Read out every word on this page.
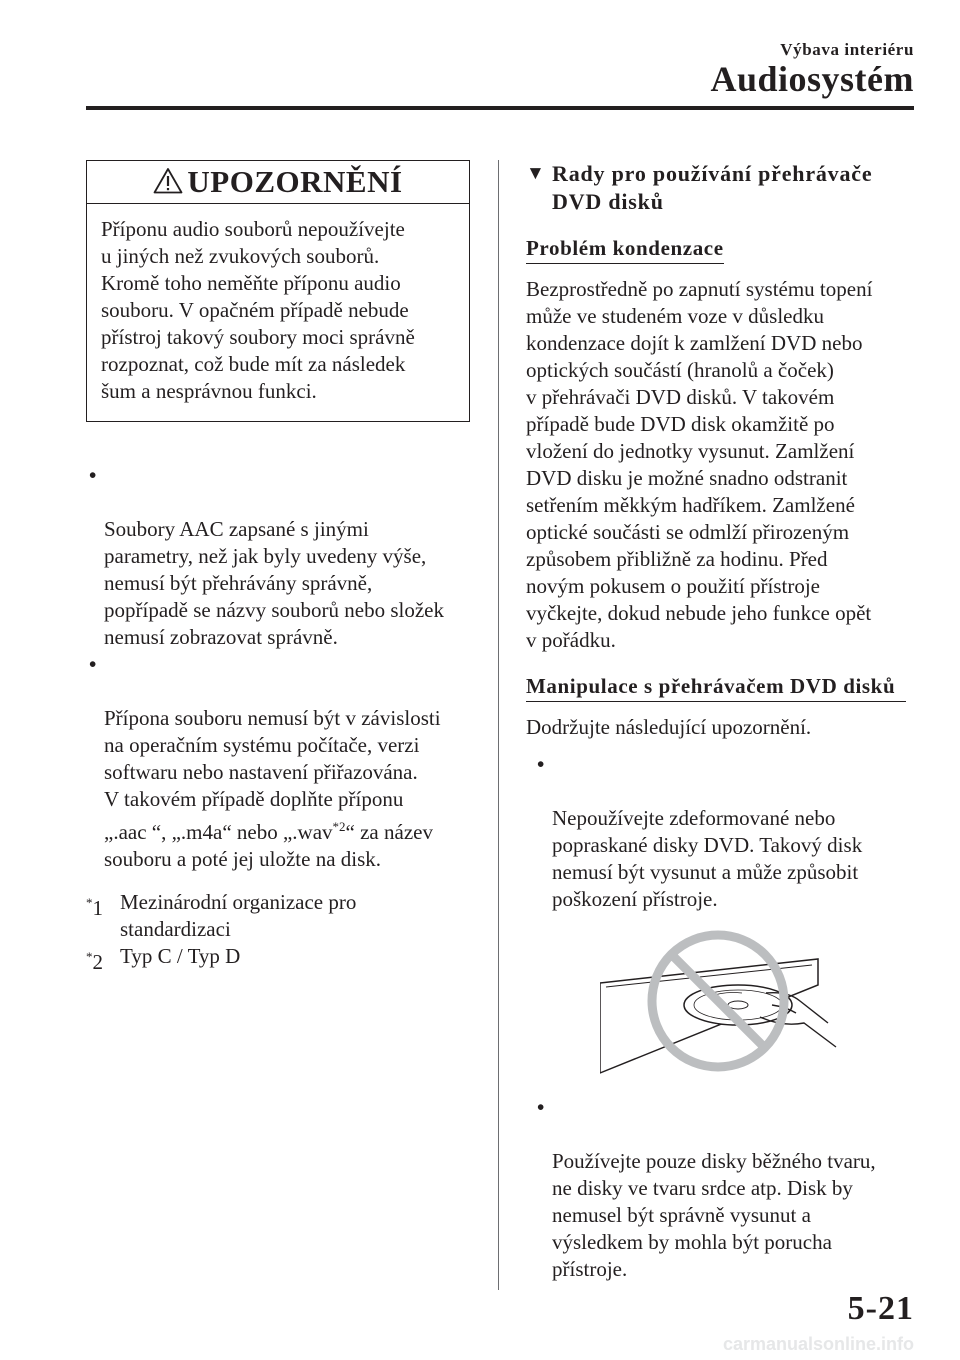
Výbava interiéru
Audiosystém
UPOZORNĚNÍ
Příponu audio souborů nepoužívejte
u jiných než zvukových souborů.
Kromě toho neměňte příponu audio
souboru. V opačném případě nebude
přístroj takový soubory moci správně
rozpoznat, což bude mít za následek
šum a nesprávnou funkci.

•

Soubory AAC zapsané s jinými
parametry, než jak byly uvedeny výše,
nemusí být přehrávány správně,
popřípadě se názvy souborů nebo složek
nemusí zobrazovat správně.

•

Přípona souboru nemusí být v závislosti
na operačním systému počítače, verzi
softwaru nebo nastavení přiřazována.
V takovém případě doplňte příponu
„.aac “, „.m4a“ nebo „.wav$^{*2}$“ za název
souboru a poté jej uložte na disk.

*1 Mezinárodní organizace pro
standardizaci
*2 Typ C / Typ D
▼ Rady pro používání přehrávače
DVD disků
Problém kondenzace
Bezprostředně po zapnutí systému topení
může ve studeném voze v důsledku
kondenzace dojít k zamlžení DVD nebo
optických součástí (hranolů a čoček)
v přehrávači DVD disků. V takovém
případě bude DVD disk okamžitě po
vložení do jednotky vysunut. Zamlžení
DVD disku je možné snadno odstranit
setřením měkkým hadříkem. Zamlžené
optické součásti se odmlží přirozeným
způsobem přibližně za hodinu. Před
novým pokusem o použití přístroje
vyčkejte, dokud nebude jeho funkce opět
v pořádku.
Manipulace s přehrávačem DVD disků
Dodržujte následující upozornění.

•

Nepoužívejte zdeformované nebo
popraskané disky DVD. Takový disk
nemusí být vysunut a může způsobit
poškození přístroje.

•

Používejte pouze disky běžného tvaru,
ne disky ve tvaru srdce atp. Disk by
nemusel být správně vysunut a
výsledkem by mohla být porucha
přístroje.

5-21
carmanualsonline.info
